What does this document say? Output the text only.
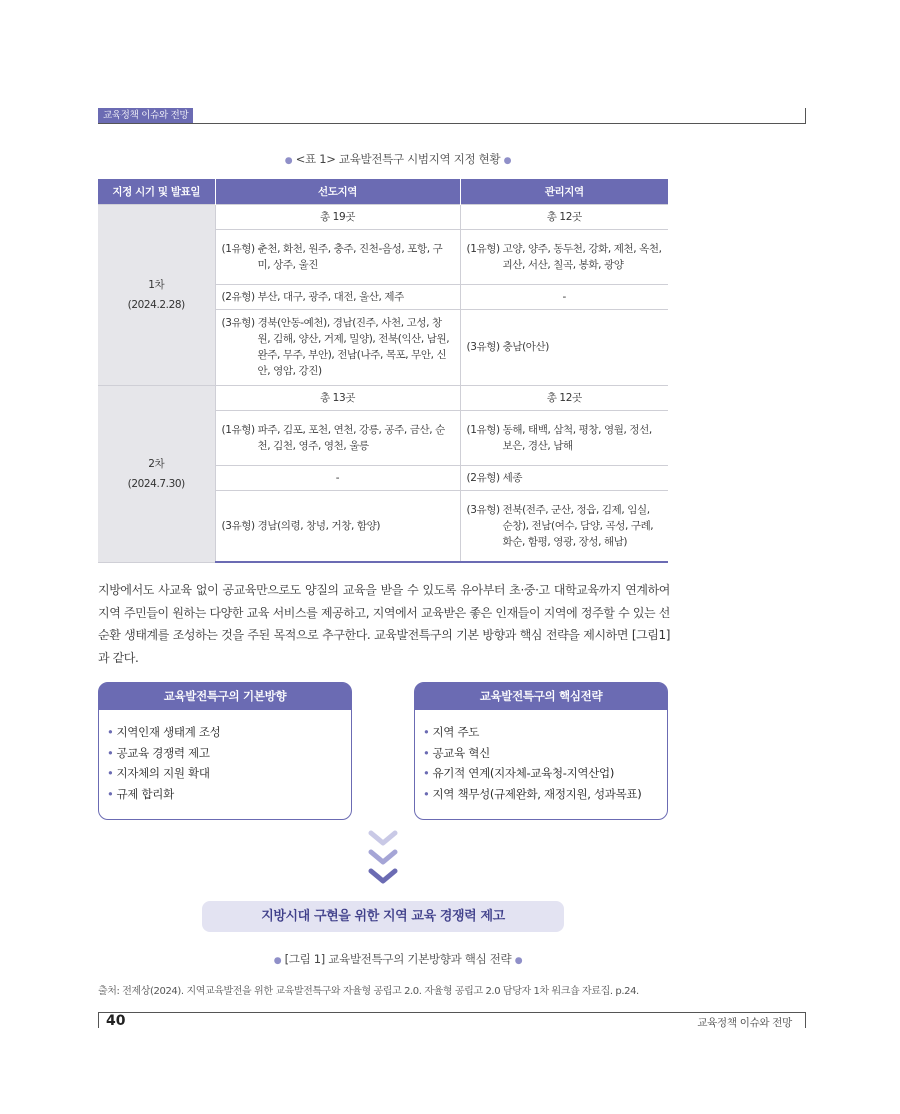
교육정책 이슈와 전망
● <표 1> 교육발전특구 시범지역 지정 현황 ●
지정 시기 및 발표일	선도지역	관리지역
1차
(2024.2.28)	총 19곳	총 12곳

	(1유형) 춘천, 화천, 원주, 충주, 진천-음성, 포항, 구미, 상주, 울진	(1유형) 고양, 양주, 동두천, 강화, 제천, 옥천, 괴산, 서산, 칠곡, 봉화, 광양

	(2유형) 부산, 대구, 광주, 대전, 울산, 제주	-

	(3유형) 경북(안동-예천), 경남(진주, 사천, 고성, 창원, 김해, 양산, 거제, 밀양), 전북(익산, 남원, 완주, 무주, 부안), 전남(나주, 목포, 무안, 신안, 영암, 강진)	(3유형) 충남(아산)

2차
(2024.7.30)	총 13곳	총 12곳

	(1유형) 파주, 김포, 포천, 연천, 강릉, 공주, 금산, 순천, 김천, 영주, 영천, 울릉	(1유형) 동해, 태백, 삼척, 평창, 영월, 정선, 보은, 경산, 남해

	-	(2유형) 세종

	(3유형) 경남(의령, 창녕, 거창, 함양)	(3유형) 전북(전주, 군산, 정읍, 김제, 임실, 순창), 전남(여수, 담양, 곡성, 구례, 화순, 함평, 영광, 장성, 해남)

지방에서도 사교육 없이 공교육만으로도 양질의 교육을 받을 수 있도록 유아부터 초·중·고 대학교육까지 연계하여 지역 주민들이 원하는 다양한 교육 서비스를 제공하고, 지역에서 교육받은 좋은 인재들이 지역에 정주할 수 있는 선순환 생태계를 조성하는 것을 주된 목적으로 추구한다. 교육발전특구의 기본 방향과 핵심 전략을 제시하면 [그림1]과 같다.

교육발전특구의 기본방향
• 지역인재 생태계 조성
• 공교육 경쟁력 제고
• 지자체의 지원 확대
• 규제 합리화
교육발전특구의 핵심전략
• 지역 주도
• 공교육 혁신
• 유기적 연계(지자체-교육청-지역산업)
• 지역 책무성(규제완화, 재정지원, 성과목표)
지방시대 구현을 위한 지역 교육 경쟁력 제고
● [그림 1] 교육발전특구의 기본방향과 핵심 전략 ●
출처: 전제상(2024). 지역교육발전을 위한 교육발전특구와 자율형 공립고 2.0. 자율형 공립고 2.0 담당자 1차 워크숍 자료집. p.24.
40	교육정책 이슈와 전망
